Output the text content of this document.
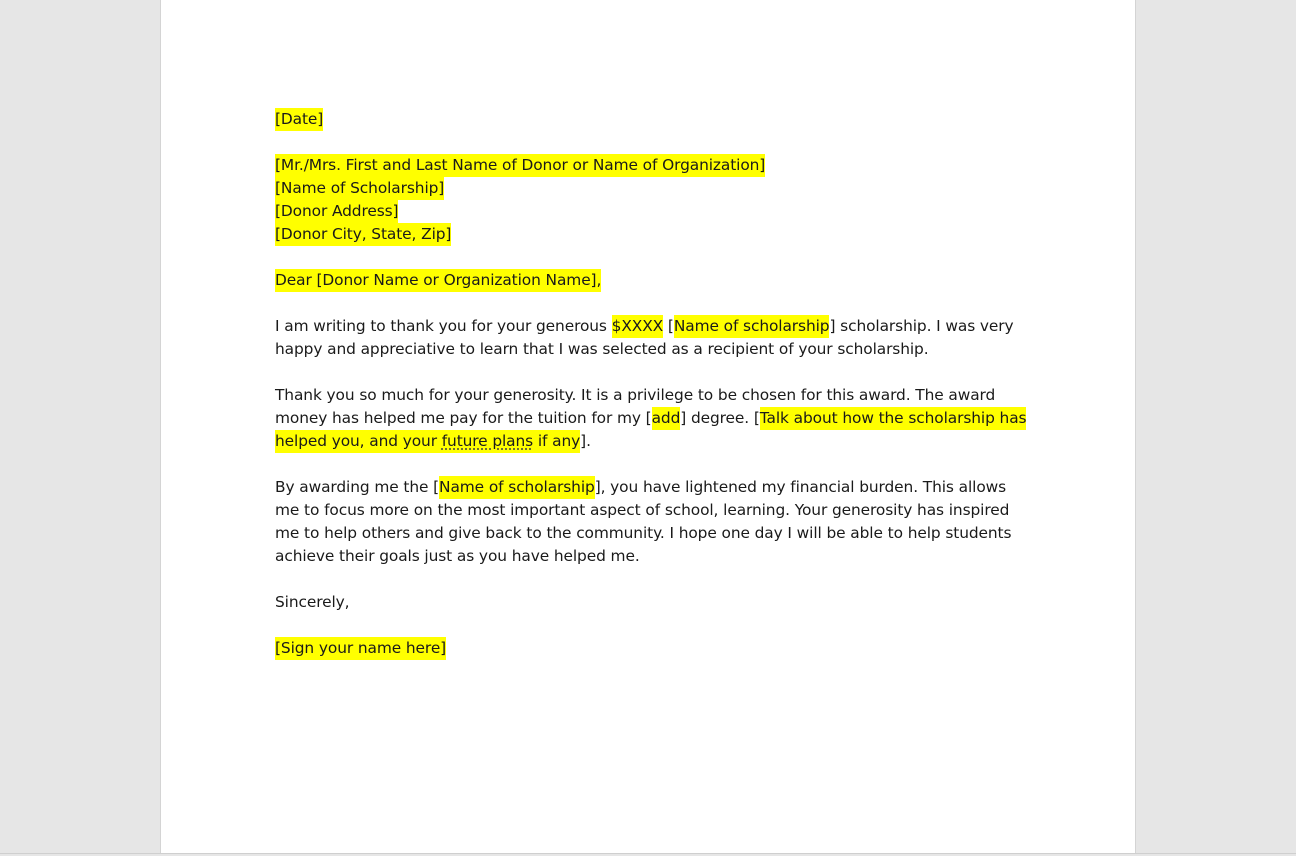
[Date]

[Mr./Mrs. First and Last Name of Donor or Name of Organization]

[Name of Scholarship]

[Donor Address]

[Donor City, State, Zip]

Dear [Donor Name or Organization Name],

I am writing to thank you for your generous $XXXX [Name of scholarship] scholarship. I was very happy and appreciative to learn that I was selected as a recipient of your scholarship.

Thank you so much for your generosity. It is a privilege to be chosen for this award. The award money has helped me pay for the tuition for my [add] degree. [Talk about how the scholarship has helped you, and your future plans if any].

By awarding me the [Name of scholarship], you have lightened my financial burden. This allows me to focus more on the most important aspect of school, learning. Your generosity has inspired me to help others and give back to the community. I hope one day I will be able to help students achieve their goals just as you have helped me.

Sincerely,

[Sign your name here]
